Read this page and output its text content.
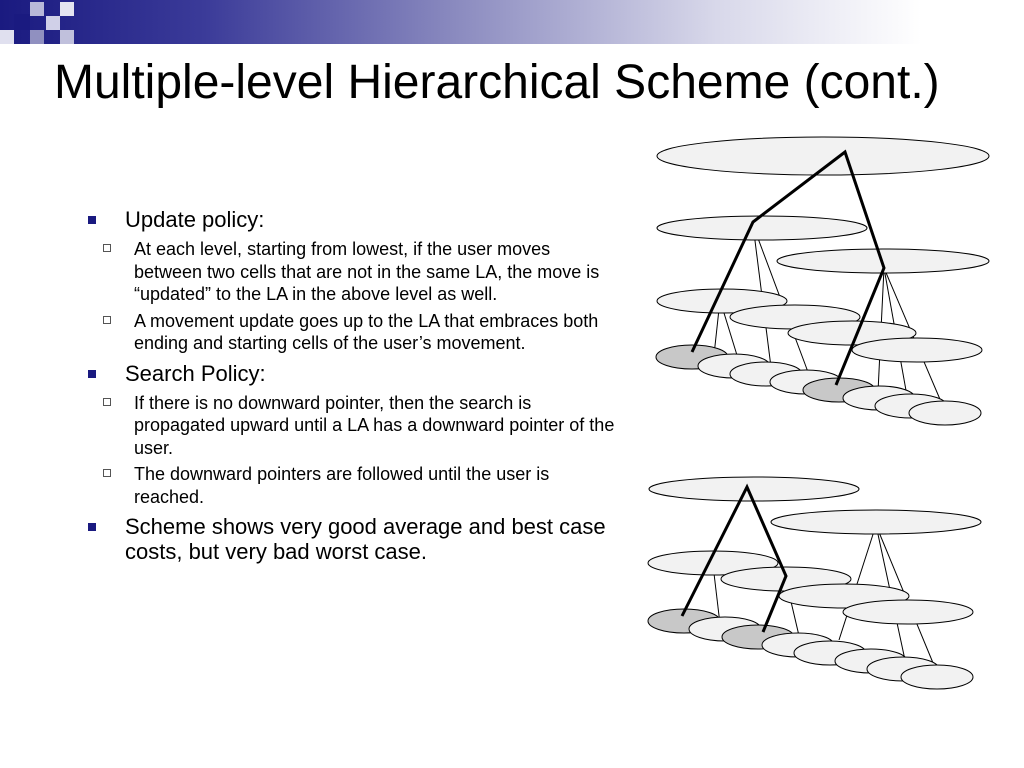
Multiple-level Hierarchical Scheme (cont.)
Update policy:
At each level, starting from lowest, if the user moves between two cells that are not in the same LA, the move is “updated” to the LA in the above level as well.
A movement update goes up to the LA that embraces both ending and starting cells of the user’s movement.
Search Policy:
If there is no downward pointer, then the search is propagated upward until a LA has a downward pointer of the user.
The downward pointers are followed until the user is reached.
Scheme shows very good average and best case costs, but very bad worst case.
